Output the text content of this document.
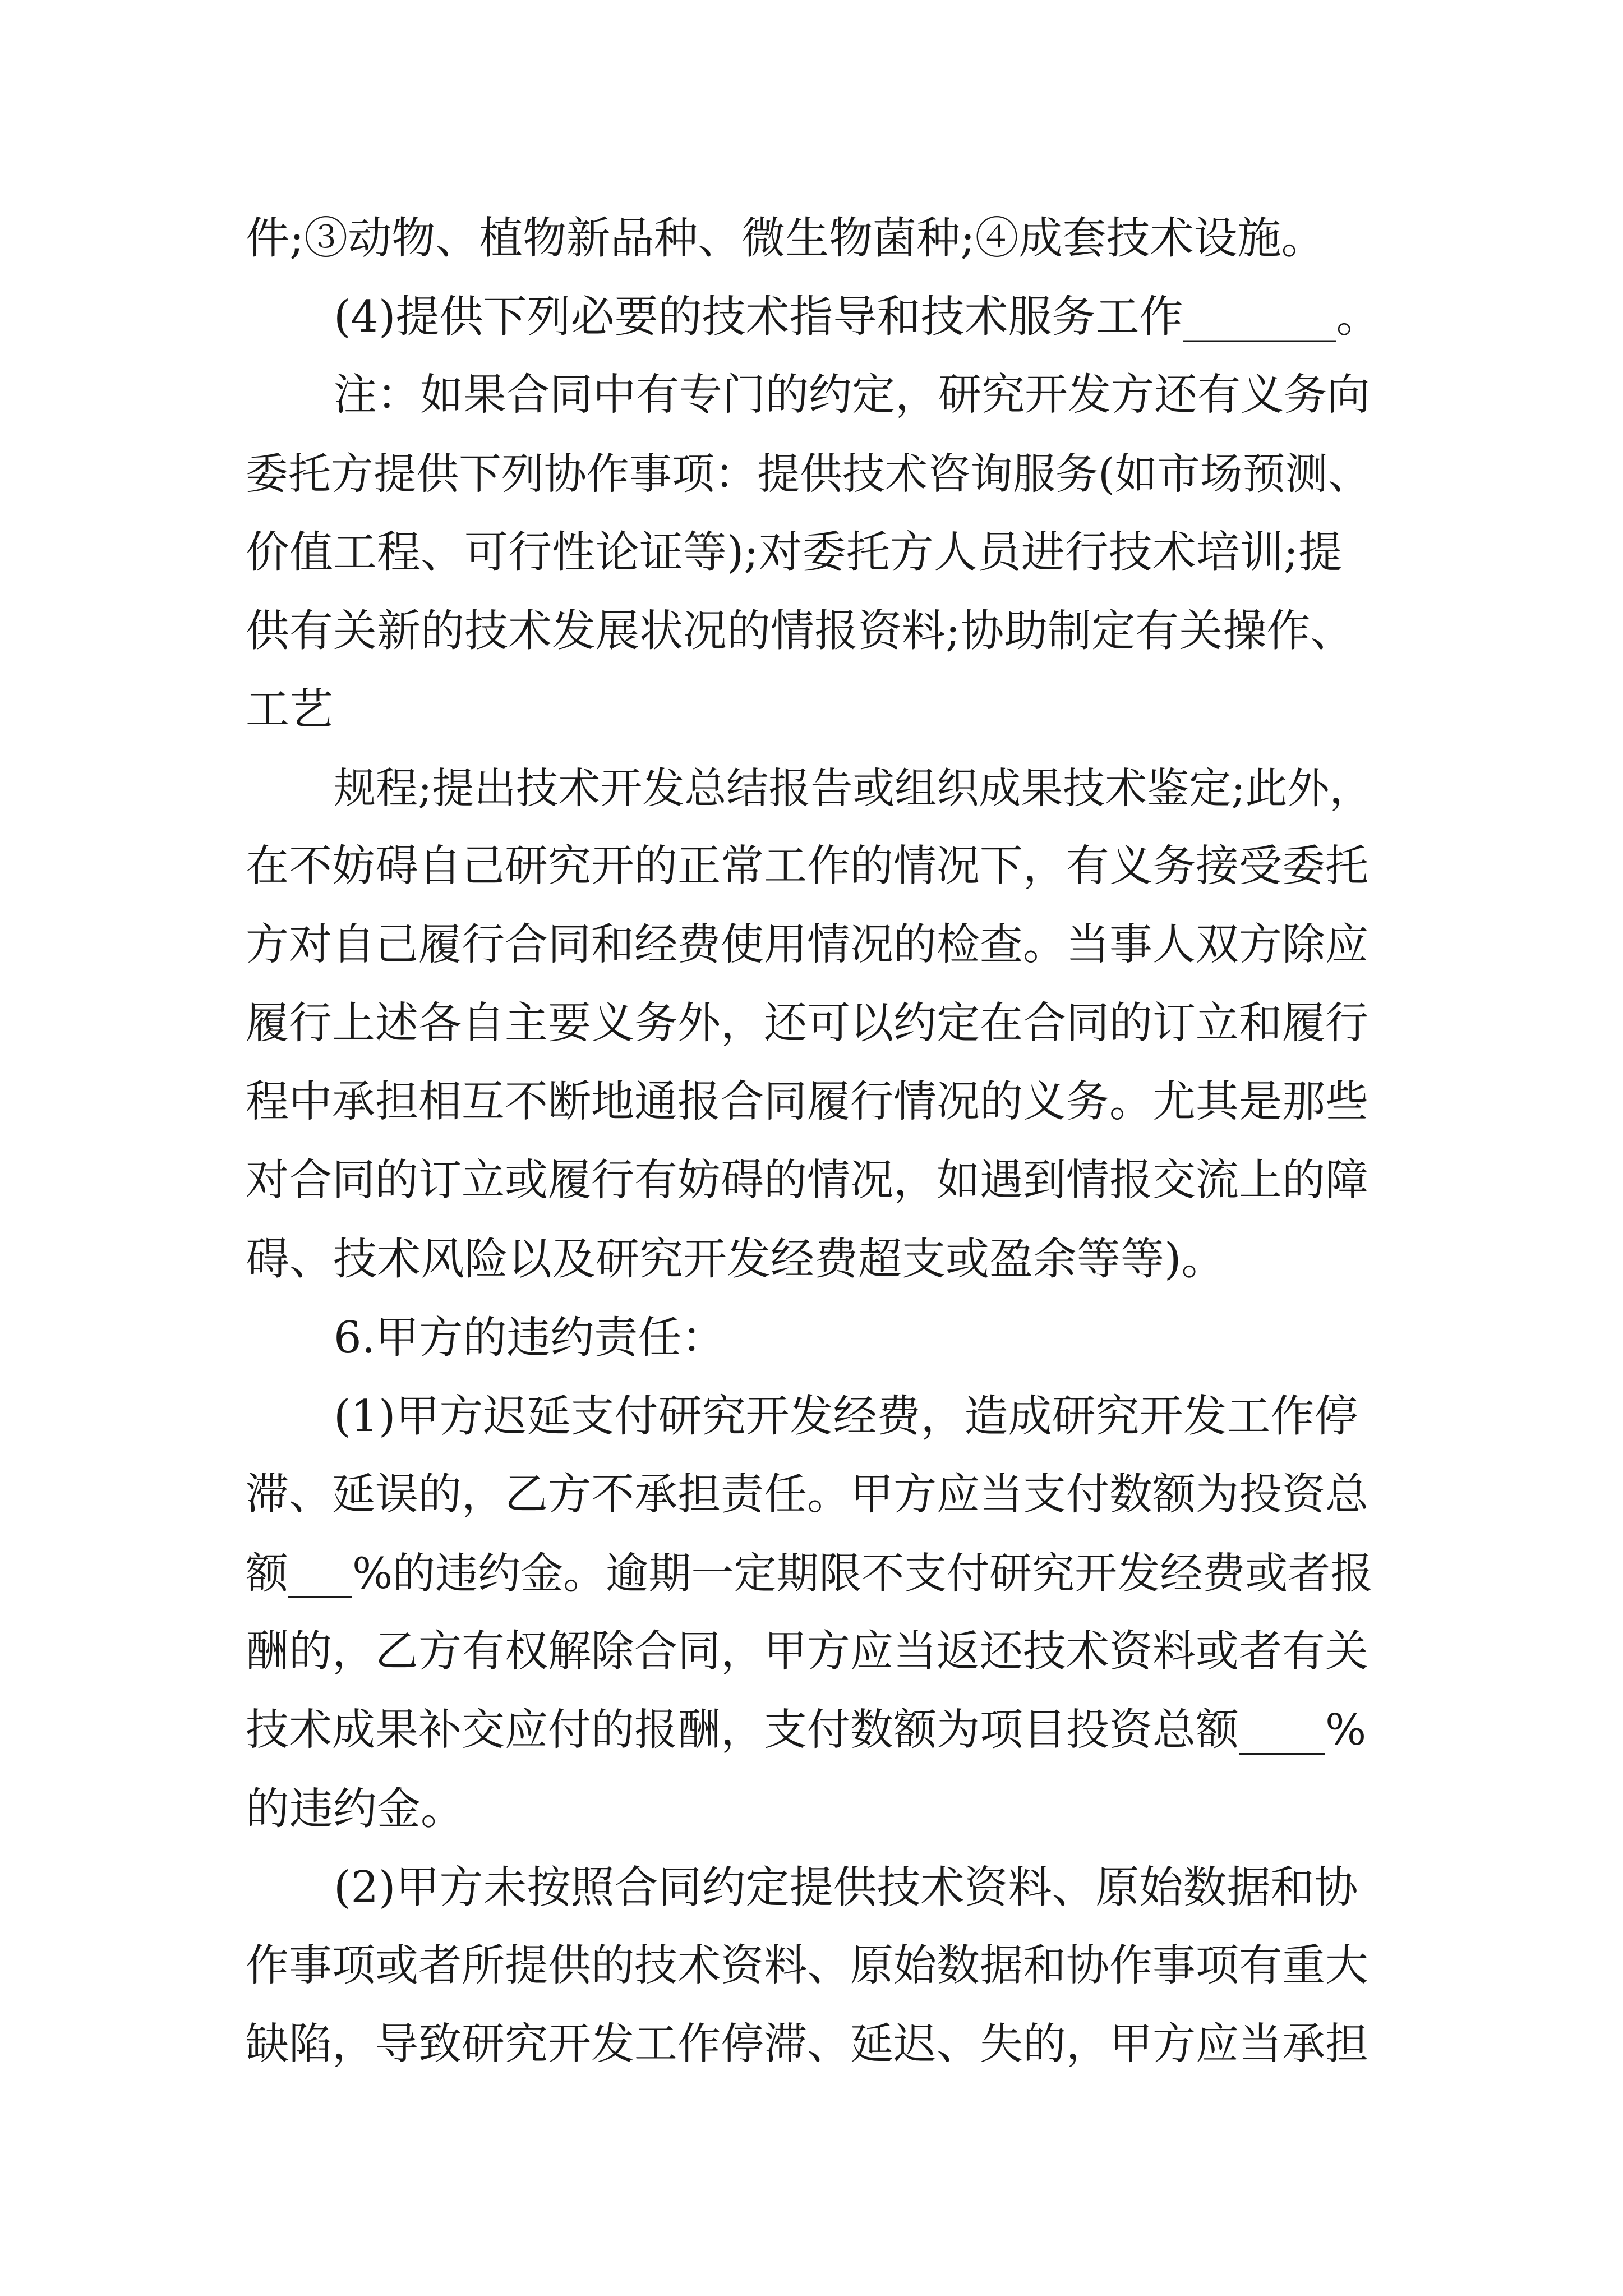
件;③动物、植物新品种、微生物菌种;④成套技术设施。
(4)提供下列必要的技术指导和技术服务工作_______。
注：如果合同中有专门的约定，研究开发方还有义务向
委托方提供下列协作事项：提供技术咨询服务(如市场预测、
价值工程、可行性论证等);对委托方人员进行技术培训;提
供有关新的技术发展状况的情报资料;协助制定有关操作、
工艺
规程;提出技术开发总结报告或组织成果技术鉴定;此外，
在不妨碍自己研究开的正常工作的情况下，有义务接受委托
方对自己履行合同和经费使用情况的检查。当事人双方除应
履行上述各自主要义务外，还可以约定在合同的订立和履行
程中承担相互不断地通报合同履行情况的义务。尤其是那些
对合同的订立或履行有妨碍的情况，如遇到情报交流上的障
碍、技术风险以及研究开发经费超支或盈余等等)。
6.甲方的违约责任：
(1)甲方迟延支付研究开发经费，造成研究开发工作停
滞、延误的，乙方不承担责任。甲方应当支付数额为投资总
额___%的违约金。逾期一定期限不支付研究开发经费或者报
酬的，乙方有权解除合同，甲方应当返还技术资料或者有关
技术成果补交应付的报酬，支付数额为项目投资总额____%
的违约金。
(2)甲方未按照合同约定提供技术资料、原始数据和协
作事项或者所提供的技术资料、原始数据和协作事项有重大
缺陷，导致研究开发工作停滞、延迟、失的，甲方应当承担
